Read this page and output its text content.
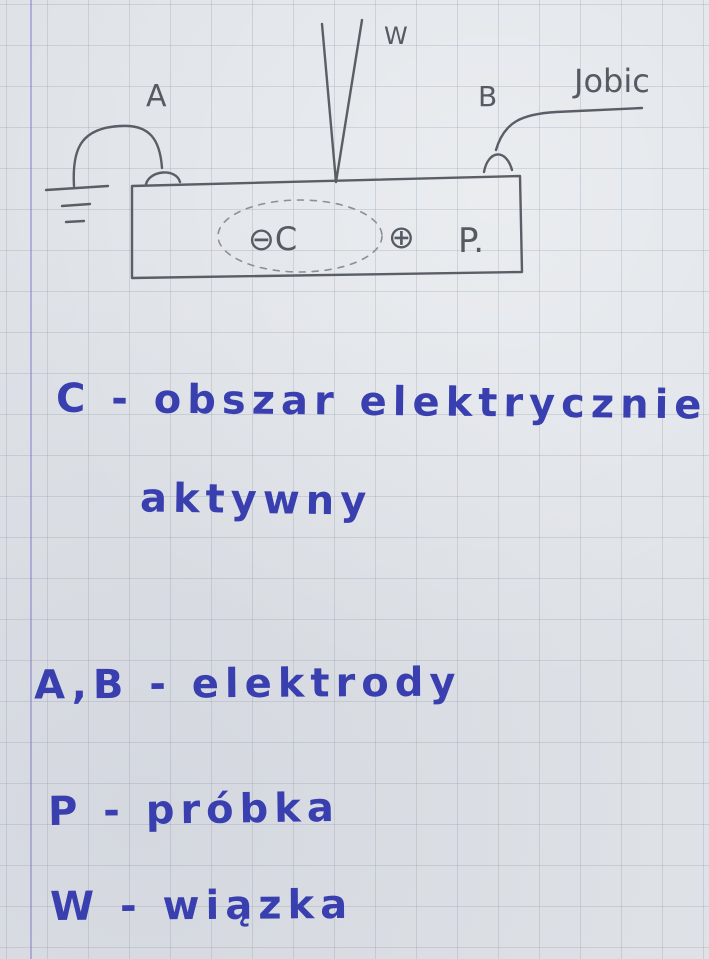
A
W
B Jobic
⊖C	⊕ P.

C - obszar elektrycznie

aktywny

A,B - elektrody

P - próbka

W - wiązka
